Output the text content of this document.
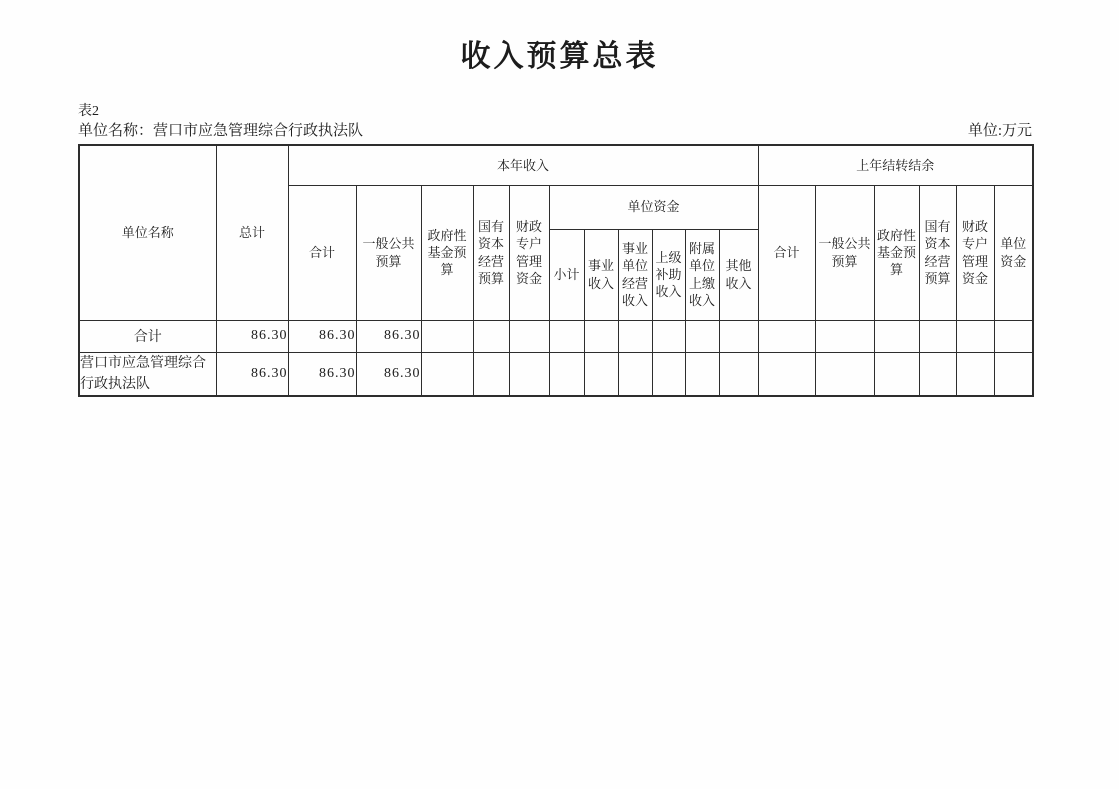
收入预算总表
表2
单位名称：营口市应急管理综合行政执法队	单位:万元
单位名称	总计	本年收入											上年结转结余					
		合计	一般公共预算	政府性基金预算	国有资本经营预算	财政专户管理资金	单位资金						合计	一般公共预算	政府性基金预算	国有资本经营预算	财政专户管理资金	单位资金
							小计	事业收入	事业单位经营收入	上级补助收入	附属单位上缴收入	其他收入						
合计	86.30	86.30	86.30															
营口市应急管理综合行政执法队	86.30	86.30	86.30															
